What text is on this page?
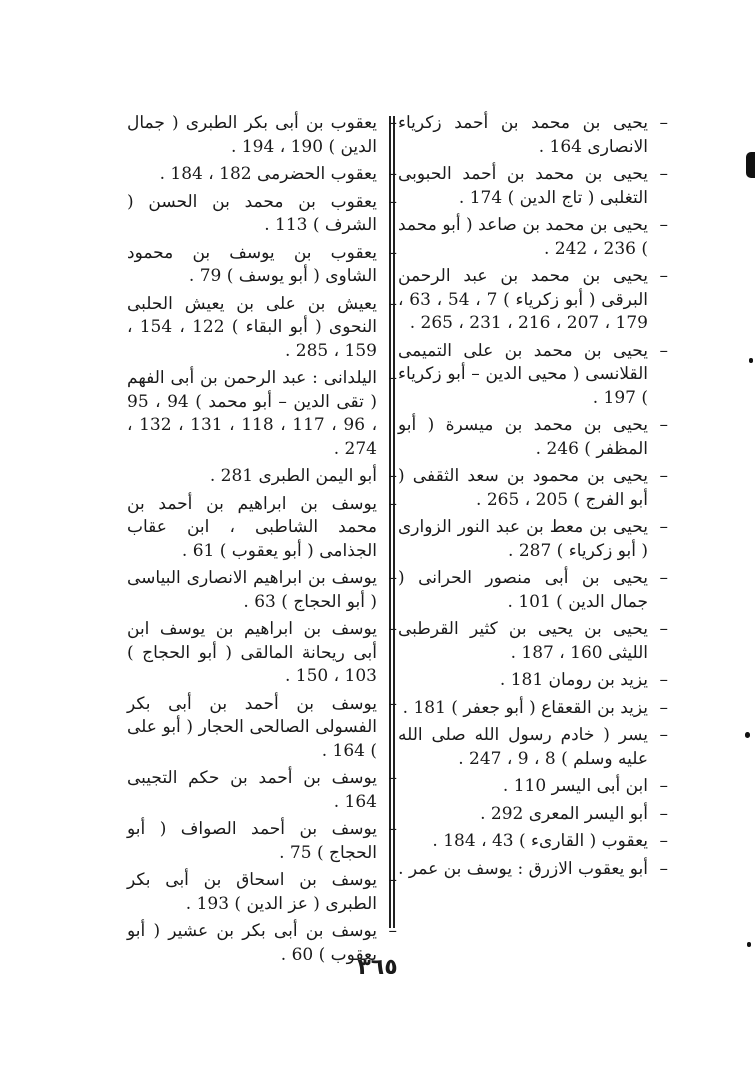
–
يحيى بن محمد بن أحمد زكرياء الانصارى 164 .
–
يحيى بن محمد بن أحمد الحبوبى التغلبى ( تاج الدين ) 174 .
–
يحيى بن محمد بن صاعد ( أبو محمد ) 236 ، 242 .
–
يحيى بن محمد بن عبد الرحمن البرقى ( أبو زكرياء ) 7 ، 54 ، 63 ، 179 ، 207 ، 216 ، 231 ، 265 .
–
يحيى بن محمد بن على التميمى القلانسى ( محيى الدين – أبو زكرياء ) 197 .
–
يحيى بن محمد بن ميسرة ( أبو المظفر ) 246 .
–
يحيى بن محمود بن سعد الثقفى ( أبو الفرج ) 205 ، 265 .
–
يحيى بن معط بن عبد النور الزوارى ( أبو زكرياء ) 287 .
–
يحيى بن أبى منصور الحرانى ( جمال الدين ) 101 .
–
يحيى بن يحيى بن كثير القرطبى الليثى 160 ، 187 .
–
يزيد بن رومان 181 .
–
يزيد بن القعقاع ( أبو جعفر ) 181 .
–
يسر ( خادم رسول الله صلى الله عليه وسلم ) 8 ، 9 ، 247 .
–
ابن أبى اليسر 110 .
–
أبو اليسر المعرى 292 .
–
يعقوب ( القارىء ) 43 ، 184 .
–
أبو يعقوب الازرق : يوسف بن عمر .
–
يعقوب بن أبى بكر الطبرى ( جمال الدين ) 190 ، 194 .
–
يعقوب الحضرمى 182 ، 184 .
–
يعقوب بن محمد بن الحسن ( الشرف ) 113 .
–
يعقوب بن يوسف بن محمود الشاوى ( أبو يوسف ) 79 .
–
يعيش بن على بن يعيش الحلبى النحوى ( أبو البقاء ) 122 ، 154 ، 159 ، 285 .
–
اليلدانى : عبد الرحمن بن أبى الفهم ( تقى الدين – أبو محمد ) 94 ، 95 ، 96 ، 117 ، 118 ، 131 ، 132 ، 274 .
–
أبو اليمن الطبرى 281 .
–
يوسف بن ابراهيم بن أحمد بن محمد الشاطبى ، ابن عقاب الجذامى ( أبو يعقوب ) 61 .
–
يوسف بن ابراهيم الانصارى البياسى ( أبو الحجاج ) 63 .
–
يوسف بن ابراهيم بن يوسف ابن أبى ريحانة المالقى ( أبو الحجاج ) 103 ، 150 .
–
يوسف بن أحمد بن أبى بكر الفسولى الصالحى الحجار ( أبو على ) 164 .
–
يوسف بن أحمد بن حكم التجيبى 164 .
–
يوسف بن أحمد الصواف ( أبو الحجاج ) 75 .
–
يوسف بن اسحاق بن أبى بكر الطبرى ( عز الدين ) 193 .
–
يوسف بن أبى بكر بن عشير ( أبو يعقوب ) 60 .
٣٦٥
